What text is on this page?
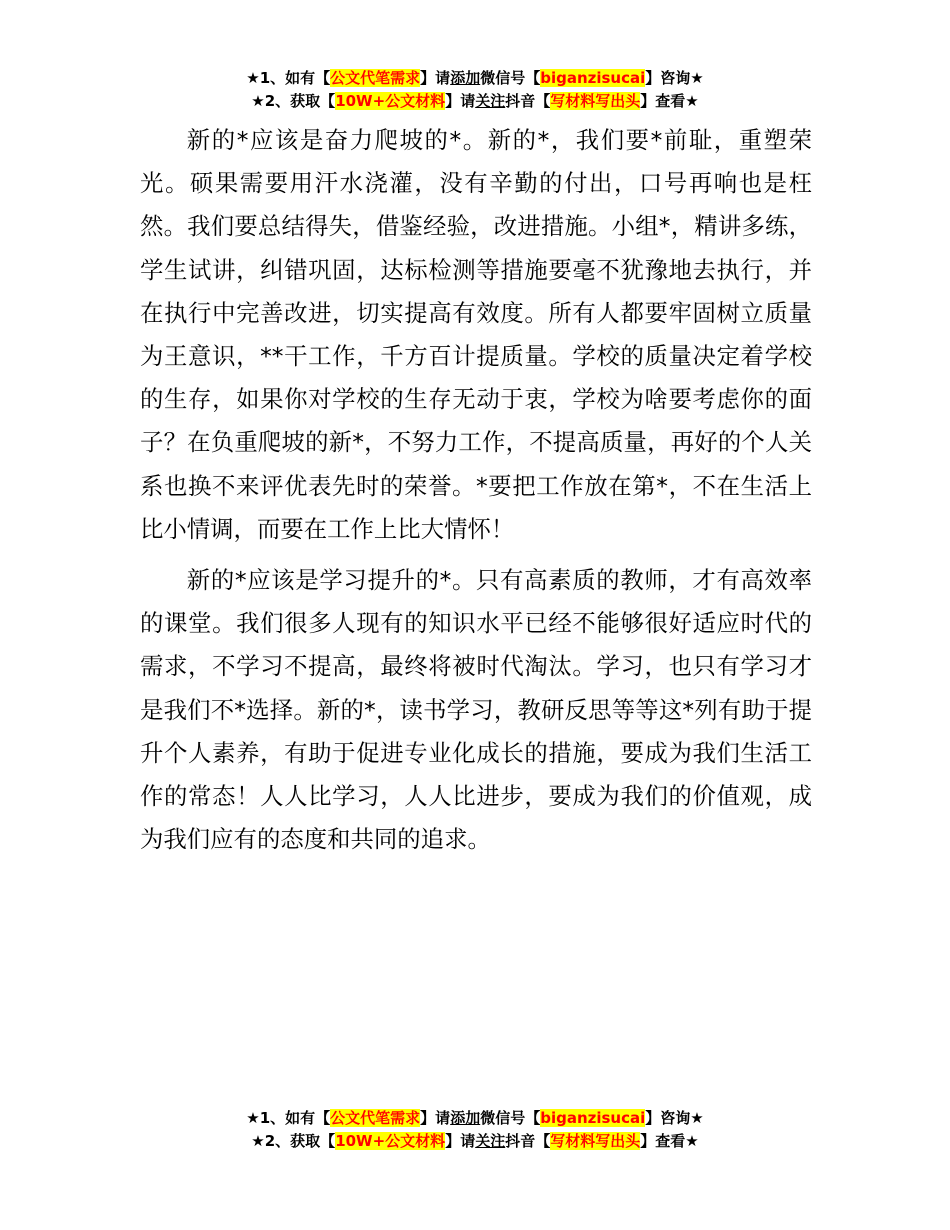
★1、如有【公文代笔需求】请添加微信号【biganzisucai】咨询★
★2、获取【10W+公文材料】请关注抖音【写材料写出头】查看★

新的*应该是奋力爬坡的*。新的*，我们要*前耻，重塑荣光。硕果需要用汗水浇灌，没有辛勤的付出，口号再响也是枉然。我们要总结得失，借鉴经验，改进措施。小组*，精讲多练，学生试讲，纠错巩固，达标检测等措施要毫不犹豫地去执行，并在执行中完善改进，切实提高有效度。所有人都要牢固树立质量为王意识，**干工作，千方百计提质量。学校的质量决定着学校的生存，如果你对学校的生存无动于衷，学校为啥要考虑你的面子？在负重爬坡的新*，不努力工作，不提高质量，再好的个人关系也换不来评优表先时的荣誉。*要把工作放在第*，不在生活上比小情调，而要在工作上比大情怀！

新的*应该是学习提升的*。只有高素质的教师，才有高效率的课堂。我们很多人现有的知识水平已经不能够很好适应时代的需求，不学习不提高，最终将被时代淘汰。学习，也只有学习才是我们不*选择。新的*，读书学习，教研反思等等这*列有助于提升个人素养，有助于促进专业化成长的措施，要成为我们生活工作的常态！人人比学习，人人比进步，要成为我们的价值观，成为我们应有的态度和共同的追求。

★1、如有【公文代笔需求】请添加微信号【biganzisucai】咨询★
★2、获取【10W+公文材料】请关注抖音【写材料写出头】查看★
